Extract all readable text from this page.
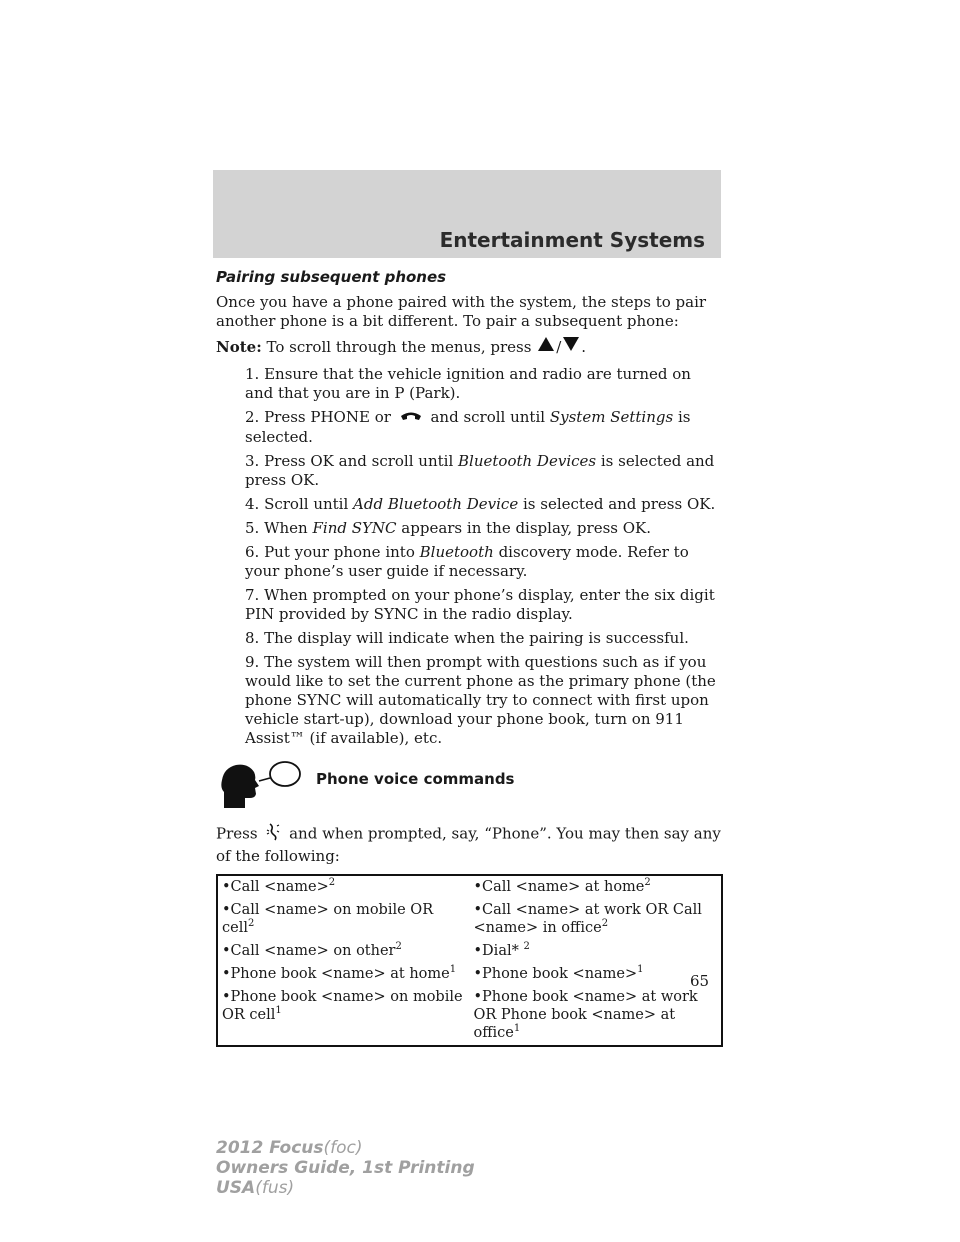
Entertainment Systems
Pairing subsequent phones

Once you have a phone paired with the system, the steps to pair another phone is a bit different. To pair a subsequent phone:

Note: To scroll through the menus, press / .

1. Ensure that the vehicle ignition and radio are turned on and that you are in P (Park).

2. Press PHONE or	and scroll until System Settings is selected.

3. Press OK and scroll until Bluetooth Devices is selected and press OK.

4. Scroll until Add Bluetooth Device is selected and press OK.

5. When Find SYNC appears in the display, press OK.

6. Put your phone into Bluetooth discovery mode. Refer to your phone’s user guide if necessary.

7. When prompted on your phone’s display, enter the six digit PIN provided by SYNC in the radio display.

8. The display will indicate when the pairing is successful.

9. The system will then prompt with questions such as if you would like to set the current phone as the primary phone (the phone SYNC will automatically try to connect with first upon vehicle start-up), download your phone book, turn on 911 Assist™ (if available), etc.

Phone voice commands

Press and when prompted, say, “Phone”. You may then say any of the following:

•Call <name>$^2$	•Call <name> at home$^2$
•Call <name> on mobile OR cell$^2$	•Call <name> at work OR Call <name> in office$^2$
•Call <name> on other$^2$	•Dial* $^2$
•Phone book <name> at home$^1$	•Phone book <name>$^1$
•Phone book <name> on mobile OR cell$^1$	•Phone book <name> at work OR Phone book <name> at office$^1$
65
2012 Focus(foc)
Owners Guide, 1st Printing
USA(fus)
